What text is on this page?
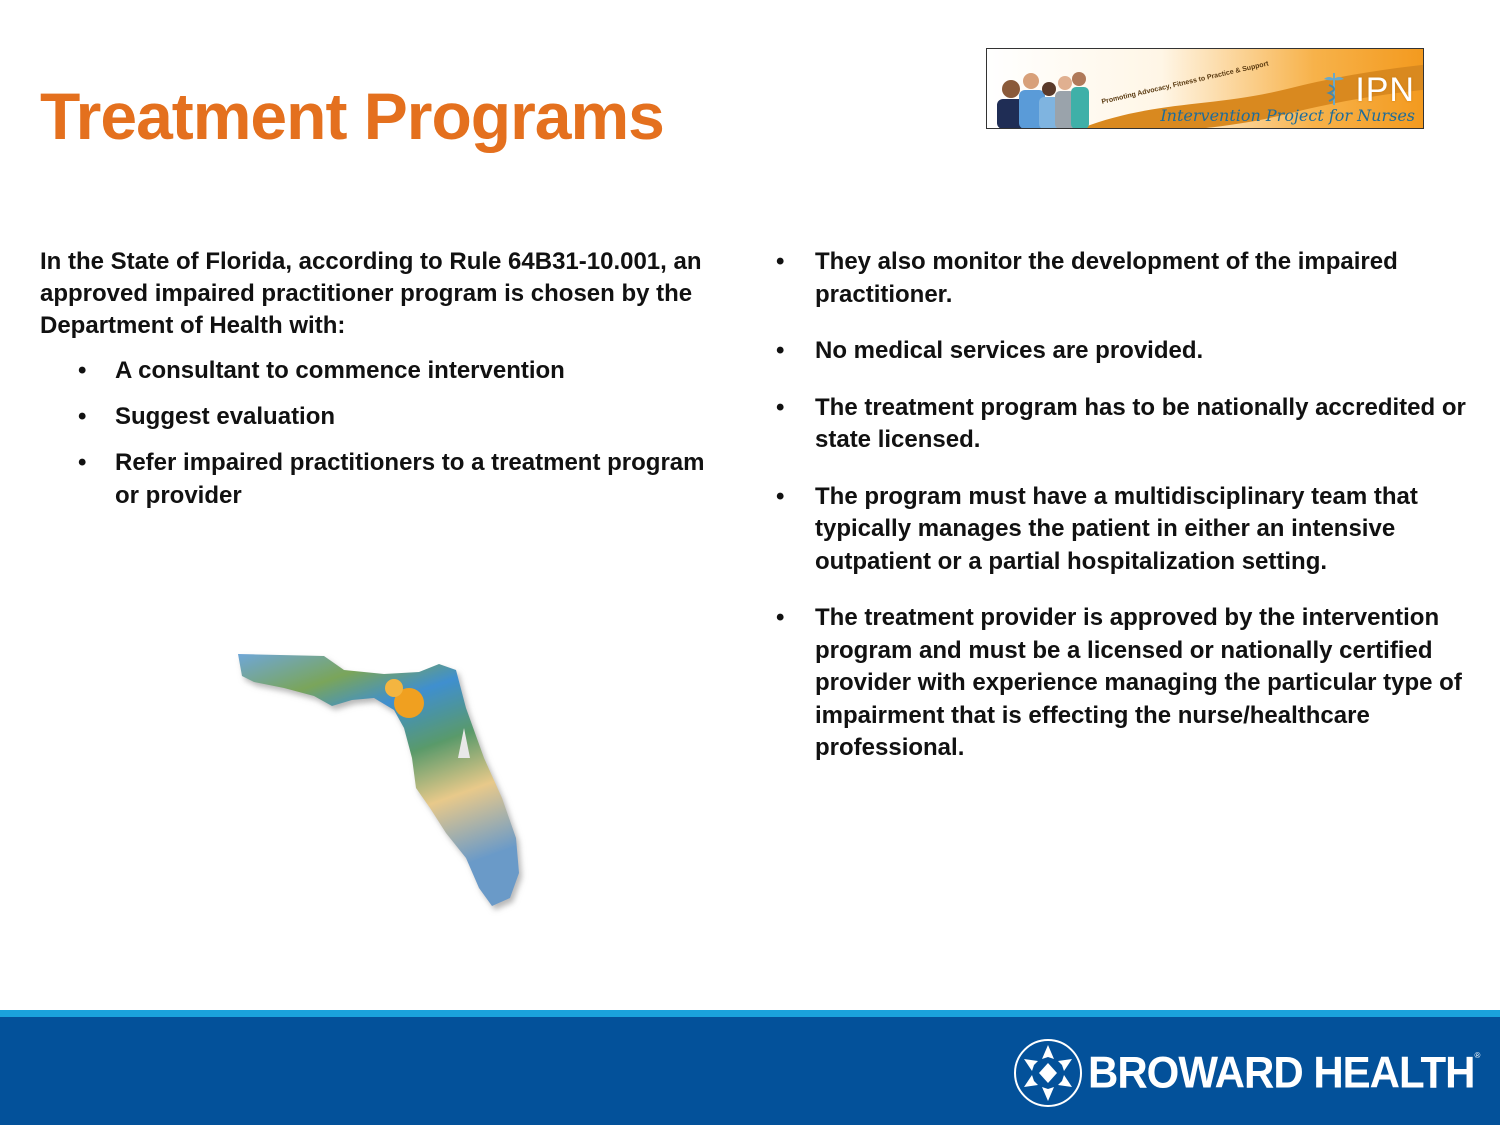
Treatment Programs	Promoting Advocacy, Fitness to Practice & Support	IPN
Intervention Project for Nurses

In the State of Florida, according to Rule 64B31-10.001, an approved impaired practitioner program is chosen by the Department of Health with:

• A consultant to commence intervention
• Suggest evaluation
• Refer impaired practitioners to a treatment program or provider
• They also monitor the development of the impaired practitioner.
• No medical services are provided.
• The treatment program has to be nationally accredited or state licensed.
• The program must have a multidisciplinary team that typically manages the patient in either an intensive outpatient or a partial hospitalization setting.
• The treatment provider is approved by the intervention program and must be a licensed or nationally certified provider with experience managing the particular type of impairment that is effecting the nurse/healthcare professional.
BROWARD HEALTH ®
